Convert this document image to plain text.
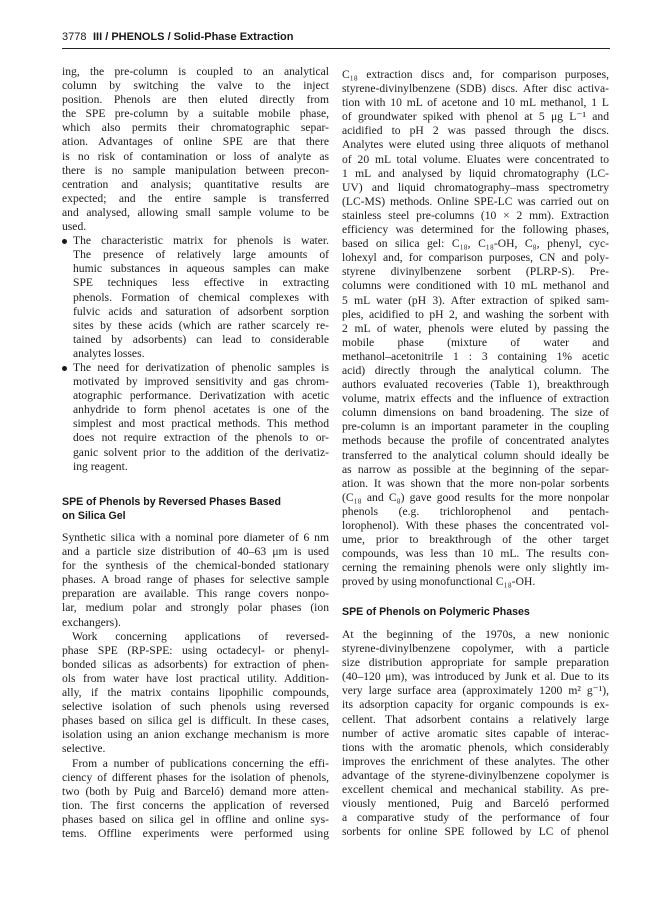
3778 III / PHENOLS / Solid-Phase Extraction
ing, the pre-column is coupled to an analytical
column by switching the valve to the inject
position. Phenols are then eluted directly from
the SPE pre-column by a suitable mobile phase,
which also permits their chromatographic separ-
ation. Advantages of online SPE are that there
is no risk of contamination or loss of analyte as
there is no sample manipulation between precon-
centration and analysis; quantitative results are
expected; and the entire sample is transferred
and analysed, allowing small sample volume to be
used.
The characteristic matrix for phenols is water.
The presence of relatively large amounts of
humic substances in aqueous samples can make
SPE techniques less effective in extracting
phenols. Formation of chemical complexes with
fulvic acids and saturation of adsorbent sorption
sites by these acids (which are rather scarcely re-
tained by adsorbents) can lead to considerable
analytes losses.
The need for derivatization of phenolic samples is
motivated by improved sensitivity and gas chrom-
atographic performance. Derivatization with acetic
anhydride to form phenol acetates is one of the
simplest and most practical methods. This method
does not require extraction of the phenols to or-
ganic solvent prior to the addition of the derivatiz-
ing reagent.
SPE of Phenols by Reversed Phases Based
on Silica Gel
Synthetic silica with a nominal pore diameter of 6 nm
and a particle size distribution of 40–63 μm is used
for the synthesis of the chemical-bonded stationary
phases. A broad range of phases for selective sample
preparation are available. This range covers nonpo-
lar, medium polar and strongly polar phases (ion
exchangers).
Work concerning applications of reversed-
phase SPE (RP-SPE: using octadecyl- or phenyl-
bonded silicas as adsorbents) for extraction of phen-
ols from water have lost practical utility. Addition-
ally, if the matrix contains lipophilic compounds,
selective isolation of such phenols using reversed
phases based on silica gel is difficult. In these cases,
isolation using an anion exchange mechanism is more
selective.
From a number of publications concerning the effi-
ciency of different phases for the isolation of phenols,
two (both by Puig and Barceló) demand more atten-
tion. The first concerns the application of reversed
phases based on silica gel in offline and online sys-
tems. Offline experiments were performed using
C₁₈ extraction discs and, for comparison purposes,
styrene-divinylbenzene (SDB) discs. After disc activa-
tion with 10 mL of acetone and 10 mL methanol, 1 L
of groundwater spiked with phenol at 5 μg L⁻¹ and
acidified to pH 2 was passed through the discs.
Analytes were eluted using three aliquots of methanol
of 20 mL total volume. Eluates were concentrated to
1 mL and analysed by liquid chromatography (LC-
UV) and liquid chromatography–mass spectrometry
(LC-MS) methods. Online SPE-LC was carried out on
stainless steel pre-columns (10 × 2 mm). Extraction
efficiency was determined for the following phases,
based on silica gel: C₁₈, C₁₈-OH, C₈, phenyl, cyc-
lohexyl and, for comparison purposes, CN and poly-
styrene divinylbenzene sorbent (PLRP-S). Pre-
columns were conditioned with 10 mL methanol and
5 mL water (pH 3). After extraction of spiked sam-
ples, acidified to pH 2, and washing the sorbent with
2 mL of water, phenols were eluted by passing the
mobile phase (mixture of water and
methanol–acetonitrile 1 : 3 containing 1% acetic
acid) directly through the analytical column. The
authors evaluated recoveries (Table 1), breakthrough
volume, matrix effects and the influence of extraction
column dimensions on band broadening. The size of
pre-column is an important parameter in the coupling
methods because the profile of concentrated analytes
transferred to the analytical column should ideally be
as narrow as possible at the beginning of the separ-
ation. It was shown that the more non-polar sorbents
(C₁₈ and C₈) gave good results for the more nonpolar
phenols (e.g. trichlorophenol and pentach-
lorophenol). With these phases the concentrated vol-
ume, prior to breakthrough of the other target
compounds, was less than 10 mL. The results con-
cerning the remaining phenols were only slightly im-
proved by using monofunctional C₁₈-OH.
SPE of Phenols on Polymeric Phases
At the beginning of the 1970s, a new nonionic
styrene-divinylbenzene copolymer, with a particle
size distribution appropriate for sample preparation
(40–120 μm), was introduced by Junk et al. Due to its
very large surface area (approximately 1200 m² g⁻¹),
its adsorption capacity for organic compounds is ex-
cellent. That adsorbent contains a relatively large
number of active aromatic sites capable of interac-
tions with the aromatic phenols, which considerably
improves the enrichment of these analytes. The other
advantage of the styrene-divinylbenzene copolymer is
excellent chemical and mechanical stability. As pre-
viously mentioned, Puig and Barceló performed
a comparative study of the performance of four
sorbents for online SPE followed by LC of phenol
